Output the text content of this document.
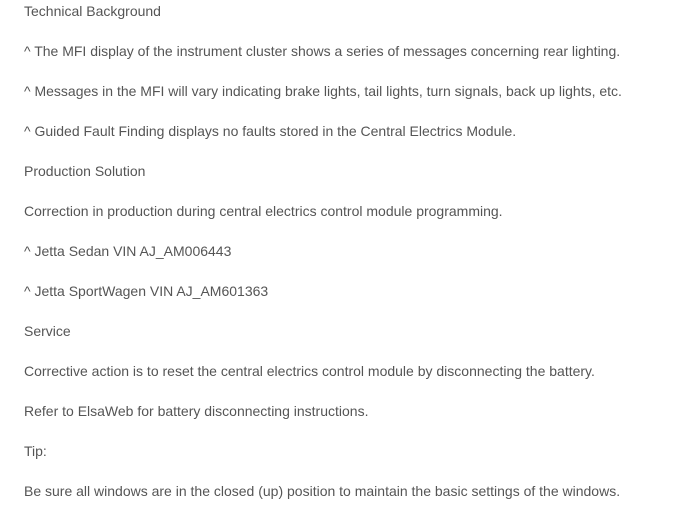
Technical Background
^ The MFI display of the instrument cluster shows a series of messages concerning rear lighting.
^ Messages in the MFI will vary indicating brake lights, tail lights, turn signals, back up lights, etc.
^ Guided Fault Finding displays no faults stored in the Central Electrics Module.
Production Solution
Correction in production during central electrics control module programming.
^ Jetta Sedan VIN AJ_AM006443
^ Jetta SportWagen VIN AJ_AM601363
Service
Corrective action is to reset the central electrics control module by disconnecting the battery.
Refer to ElsaWeb for battery disconnecting instructions.
Tip:
Be sure all windows are in the closed (up) position to maintain the basic settings of the windows.
